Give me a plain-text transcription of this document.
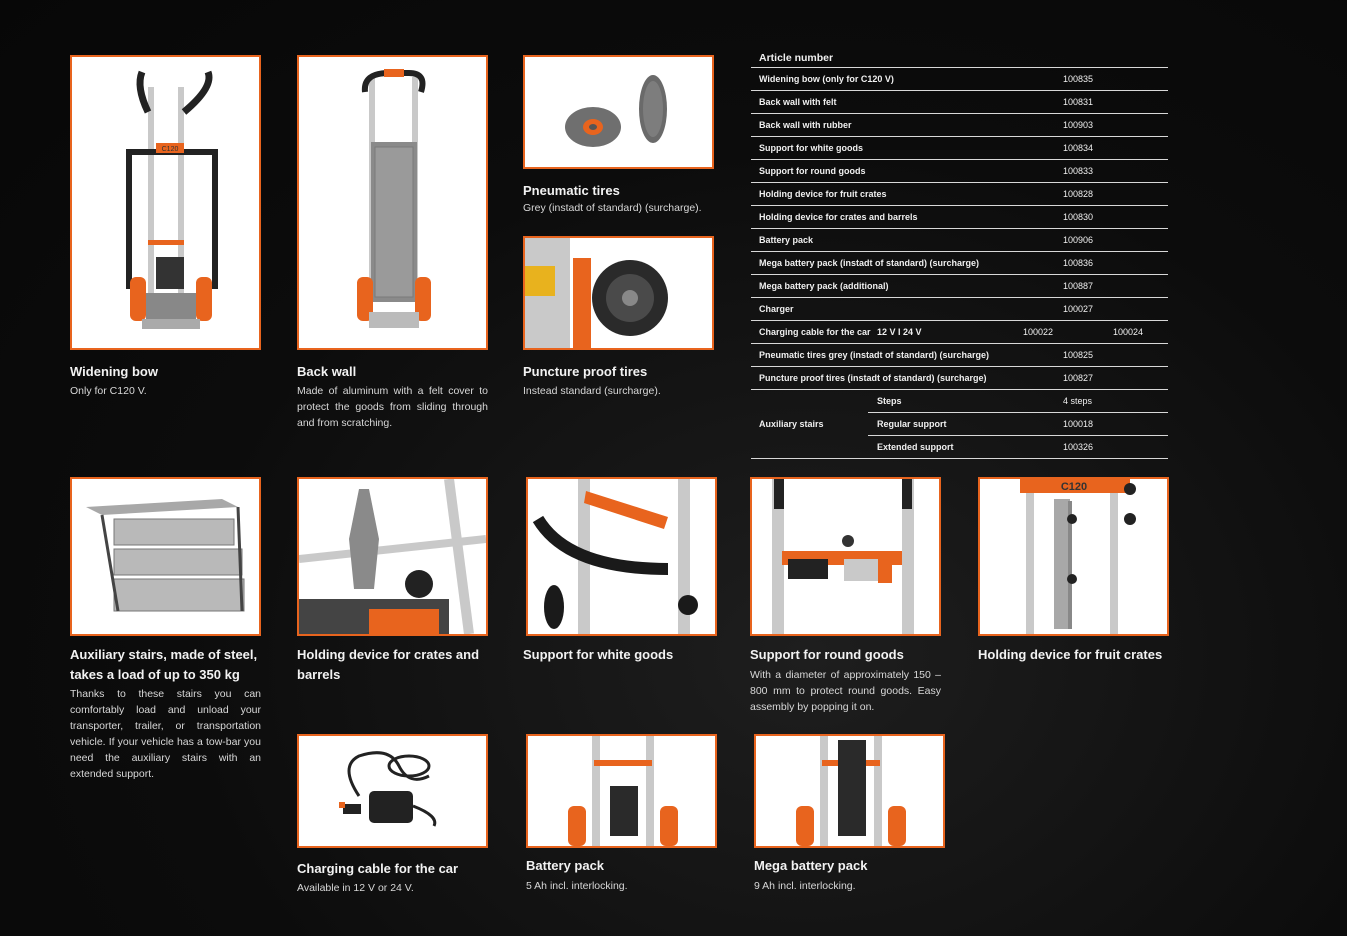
C120
Widening bow
Only for C120 V.
Back wall
Made of aluminum with a felt cover to protect the goods from sliding through and from scratching.
Pneumatic tires
Grey (instadt of standard) (surcharge).
Puncture proof tires
Instead standard (surcharge).
Auxiliary stairs, made of steel, takes a load of up to 350 kg
Thanks to these stairs you can comfortably load and unload your transporter, trailer, or transportation vehicle. If your vehicle has a tow-bar you need the auxiliary stairs with an extended support.
Holding device for crates and barrels
Support for white goods	Support for round goods
With a diameter of approximately 150 – 800 mm to protect round goods. Easy assembly by popping it on.
C120
Holding device for fruit crates
Charging cable for the car
Available in 12 V or 24 V.
Battery pack
5 Ah incl. interlocking.
Mega battery pack
9 Ah incl. interlocking.
Article number
Widening bow (only for C120 V)	100835
Back wall with felt	100831
Back wall with rubber	100903
Support for white goods	100834
Support for round goods	100833
Holding device for fruit crates	100828
Holding device for crates and barrels	100830
Battery pack	100906
Mega battery pack (instadt of standard) (surcharge)	100836
Mega battery pack (additional)	100887
Charger	100027
Charging cable for the car 12 V I 24 V	100022	100024
Pneumatic tires grey (instadt of standard) (surcharge)	100825
Puncture proof tires (instadt of standard) (surcharge)	100827
Auxiliary stairs
Steps	4 steps
Regular support	100018
Extended support	100326
